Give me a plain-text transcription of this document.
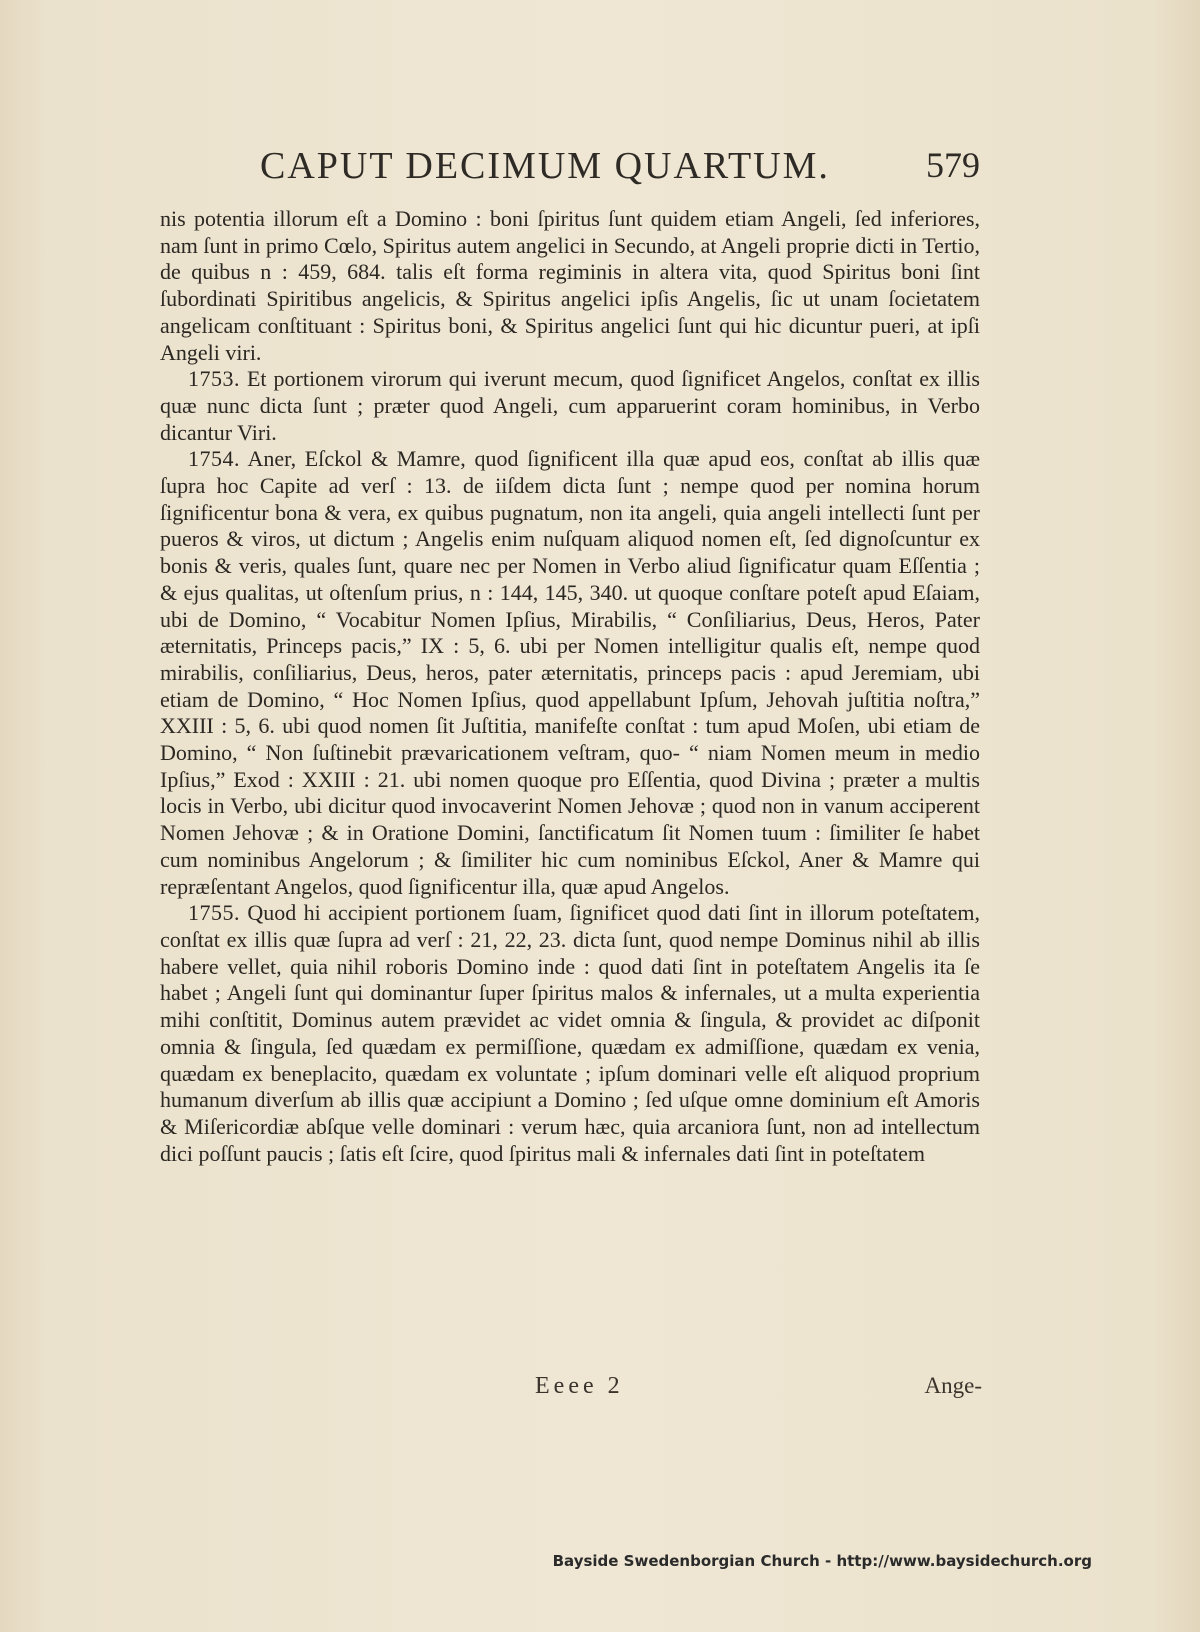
CAPUT DECIMUM QUARTUM.	579

nis potentia illorum eſt a Domino : boni ſpiritus ſunt quidem etiam Angeli, ſed inferiores, nam ſunt in primo Cœlo, Spiritus autem angelici in Secundo, at Angeli proprie dicti in Tertio, de quibus n : 459, 684. talis eſt forma regiminis in altera vita, quod Spiritus boni ſint ſubordinati Spiritibus angelicis, & Spiritus angelici ipſis Angelis, ſic ut unam ſocietatem angelicam conſtituant : Spiritus boni, & Spiritus angelici ſunt qui hic dicuntur pueri, at ipſi Angeli viri.

1753. Et portionem virorum qui iverunt mecum, quod ſignificet Angelos, conſtat ex illis quæ nunc dicta ſunt ; præter quod Angeli, cum apparuerint coram hominibus, in Verbo dicantur Viri.

1754. Aner, Eſckol & Mamre, quod ſignificent illa quæ apud eos, conſtat ab illis quæ ſupra hoc Capite ad verſ : 13. de iiſdem dicta ſunt ; nempe quod per nomina horum ſignificentur bona & vera, ex quibus pugnatum, non ita angeli, quia angeli intellecti ſunt per pueros & viros, ut dictum ; Angelis enim nuſquam aliquod nomen eſt, ſed dignoſcuntur ex bonis & veris, quales ſunt, quare nec per Nomen in Verbo aliud ſignificatur quam Eſſentia ; & ejus qualitas, ut oſtenſum prius, n : 144, 145, 340. ut quoque conſtare poteſt apud Eſaiam, ubi de Domino, “ Vocabitur Nomen Ipſius, Mirabilis, “ Conſiliarius, Deus, Heros, Pater æternitatis, Princeps pacis,” IX : 5, 6. ubi per Nomen intelligitur qualis eſt, nempe quod mirabilis, conſiliarius, Deus, heros, pater æternitatis, princeps pacis : apud Jeremiam, ubi etiam de Domino, “ Hoc Nomen Ipſius, quod appellabunt Ipſum, Jehovah juſtitia noſtra,” XXIII : 5, 6. ubi quod nomen ſit Juſtitia, manifeſte conſtat : tum apud Moſen, ubi etiam de Domino, “ Non ſuſtinebit prævaricationem veſtram, quo- “ niam Nomen meum in medio Ipſius,” Exod : XXIII : 21. ubi nomen quoque pro Eſſentia, quod Divina ; præter a multis locis in Verbo, ubi dicitur quod invocaverint Nomen Jehovæ ; quod non in vanum acciperent Nomen Jehovæ ; & in Oratione Domini, ſanctificatum ſit Nomen tuum : ſimiliter ſe habet cum nominibus Angelorum ; & ſimiliter hic cum nominibus Eſckol, Aner & Mamre qui repræſentant Angelos, quod ſignificentur illa, quæ apud Angelos.

1755. Quod hi accipient portionem ſuam, ſignificet quod dati ſint in illorum poteſtatem, conſtat ex illis quæ ſupra ad verſ : 21, 22, 23. dicta ſunt, quod nempe Dominus nihil ab illis habere vellet, quia nihil roboris Domino inde : quod dati ſint in poteſtatem Angelis ita ſe habet ; Angeli ſunt qui dominantur ſuper ſpiritus malos & infernales, ut a multa experientia mihi conſtitit, Dominus autem prævidet ac videt omnia & ſingula, & providet ac diſponit omnia & ſingula, ſed quædam ex permiſſione, quædam ex admiſſione, quædam ex venia, quædam ex beneplacito, quædam ex voluntate ; ipſum dominari velle eſt aliquod proprium humanum diverſum ab illis quæ accipiunt a Domino ; ſed uſque omne dominium eſt Amoris & Miſericordiæ abſque velle dominari : verum hæc, quia arcaniora ſunt, non ad intellectum dici poſſunt paucis ; ſatis eſt ſcire, quod ſpiritus mali & infernales dati ſint in poteſtatem

Eeee 2	Ange-
Bayside Swedenborgian Church - http://www.baysidechurch.org
